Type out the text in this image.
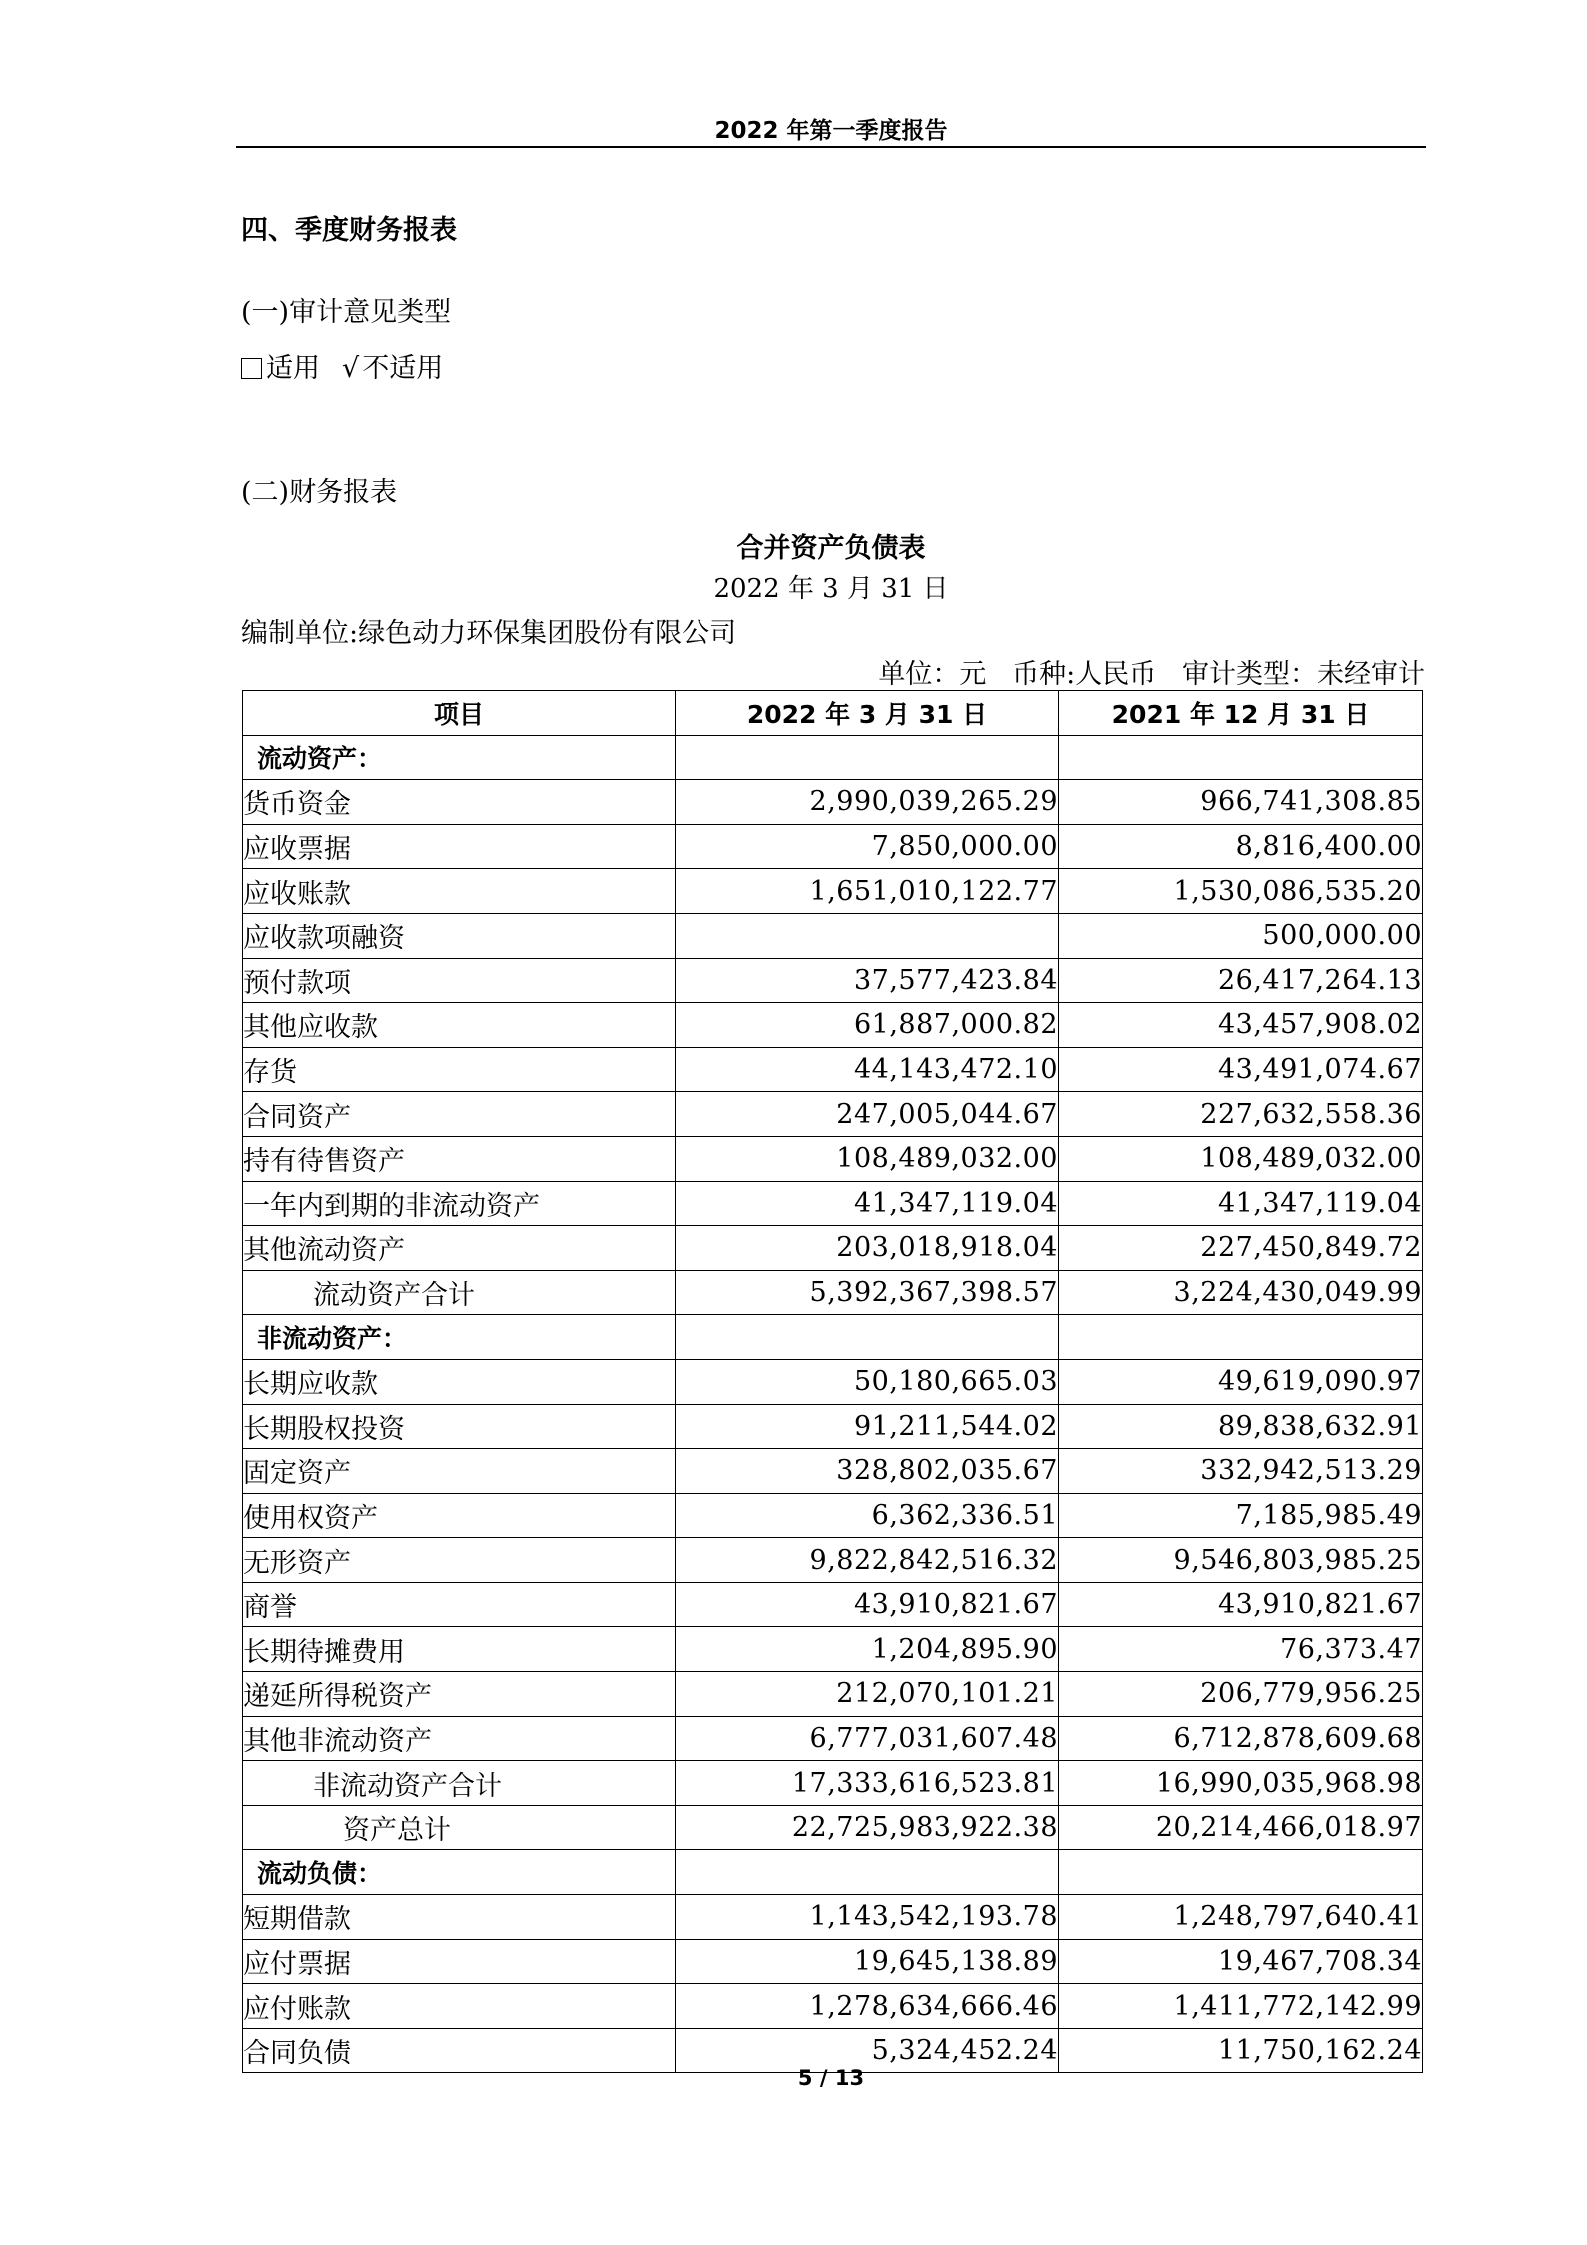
2022 年第一季度报告
四、季度财务报表
(一)审计意见类型
适用 √ 不适用
(二)财务报表
合并资产负债表
2022 年 3 月 31 日
编制单位:绿色动力环保集团股份有限公司
单位：元   币种:人民币   审计类型：未经审计
项目	2022 年 3 月 31 日	2021 年 12 月 31 日
流动资产：		
货币资金	2,990,039,265.29	966,741,308.85
应收票据	7,850,000.00	8,816,400.00
应收账款	1,651,010,122.77	1,530,086,535.20
应收款项融资		500,000.00
预付款项	37,577,423.84	26,417,264.13
其他应收款	61,887,000.82	43,457,908.02
存货	44,143,472.10	43,491,074.67
合同资产	247,005,044.67	227,632,558.36
持有待售资产	108,489,032.00	108,489,032.00
一年内到期的非流动资产	41,347,119.04	41,347,119.04
其他流动资产	203,018,918.04	227,450,849.72
流动资产合计	5,392,367,398.57	3,224,430,049.99
非流动资产：		
长期应收款	50,180,665.03	49,619,090.97
长期股权投资	91,211,544.02	89,838,632.91
固定资产	328,802,035.67	332,942,513.29
使用权资产	6,362,336.51	7,185,985.49
无形资产	9,822,842,516.32	9,546,803,985.25
商誉	43,910,821.67	43,910,821.67
长期待摊费用	1,204,895.90	76,373.47
递延所得税资产	212,070,101.21	206,779,956.25
其他非流动资产	6,777,031,607.48	6,712,878,609.68
非流动资产合计	17,333,616,523.81	16,990,035,968.98
资产总计	22,725,983,922.38	20,214,466,018.97
流动负债：		
短期借款	1,143,542,193.78	1,248,797,640.41
应付票据	19,645,138.89	19,467,708.34
应付账款	1,278,634,666.46	1,411,772,142.99
合同负债	5,324,452.24	11,750,162.24
5 / 13
